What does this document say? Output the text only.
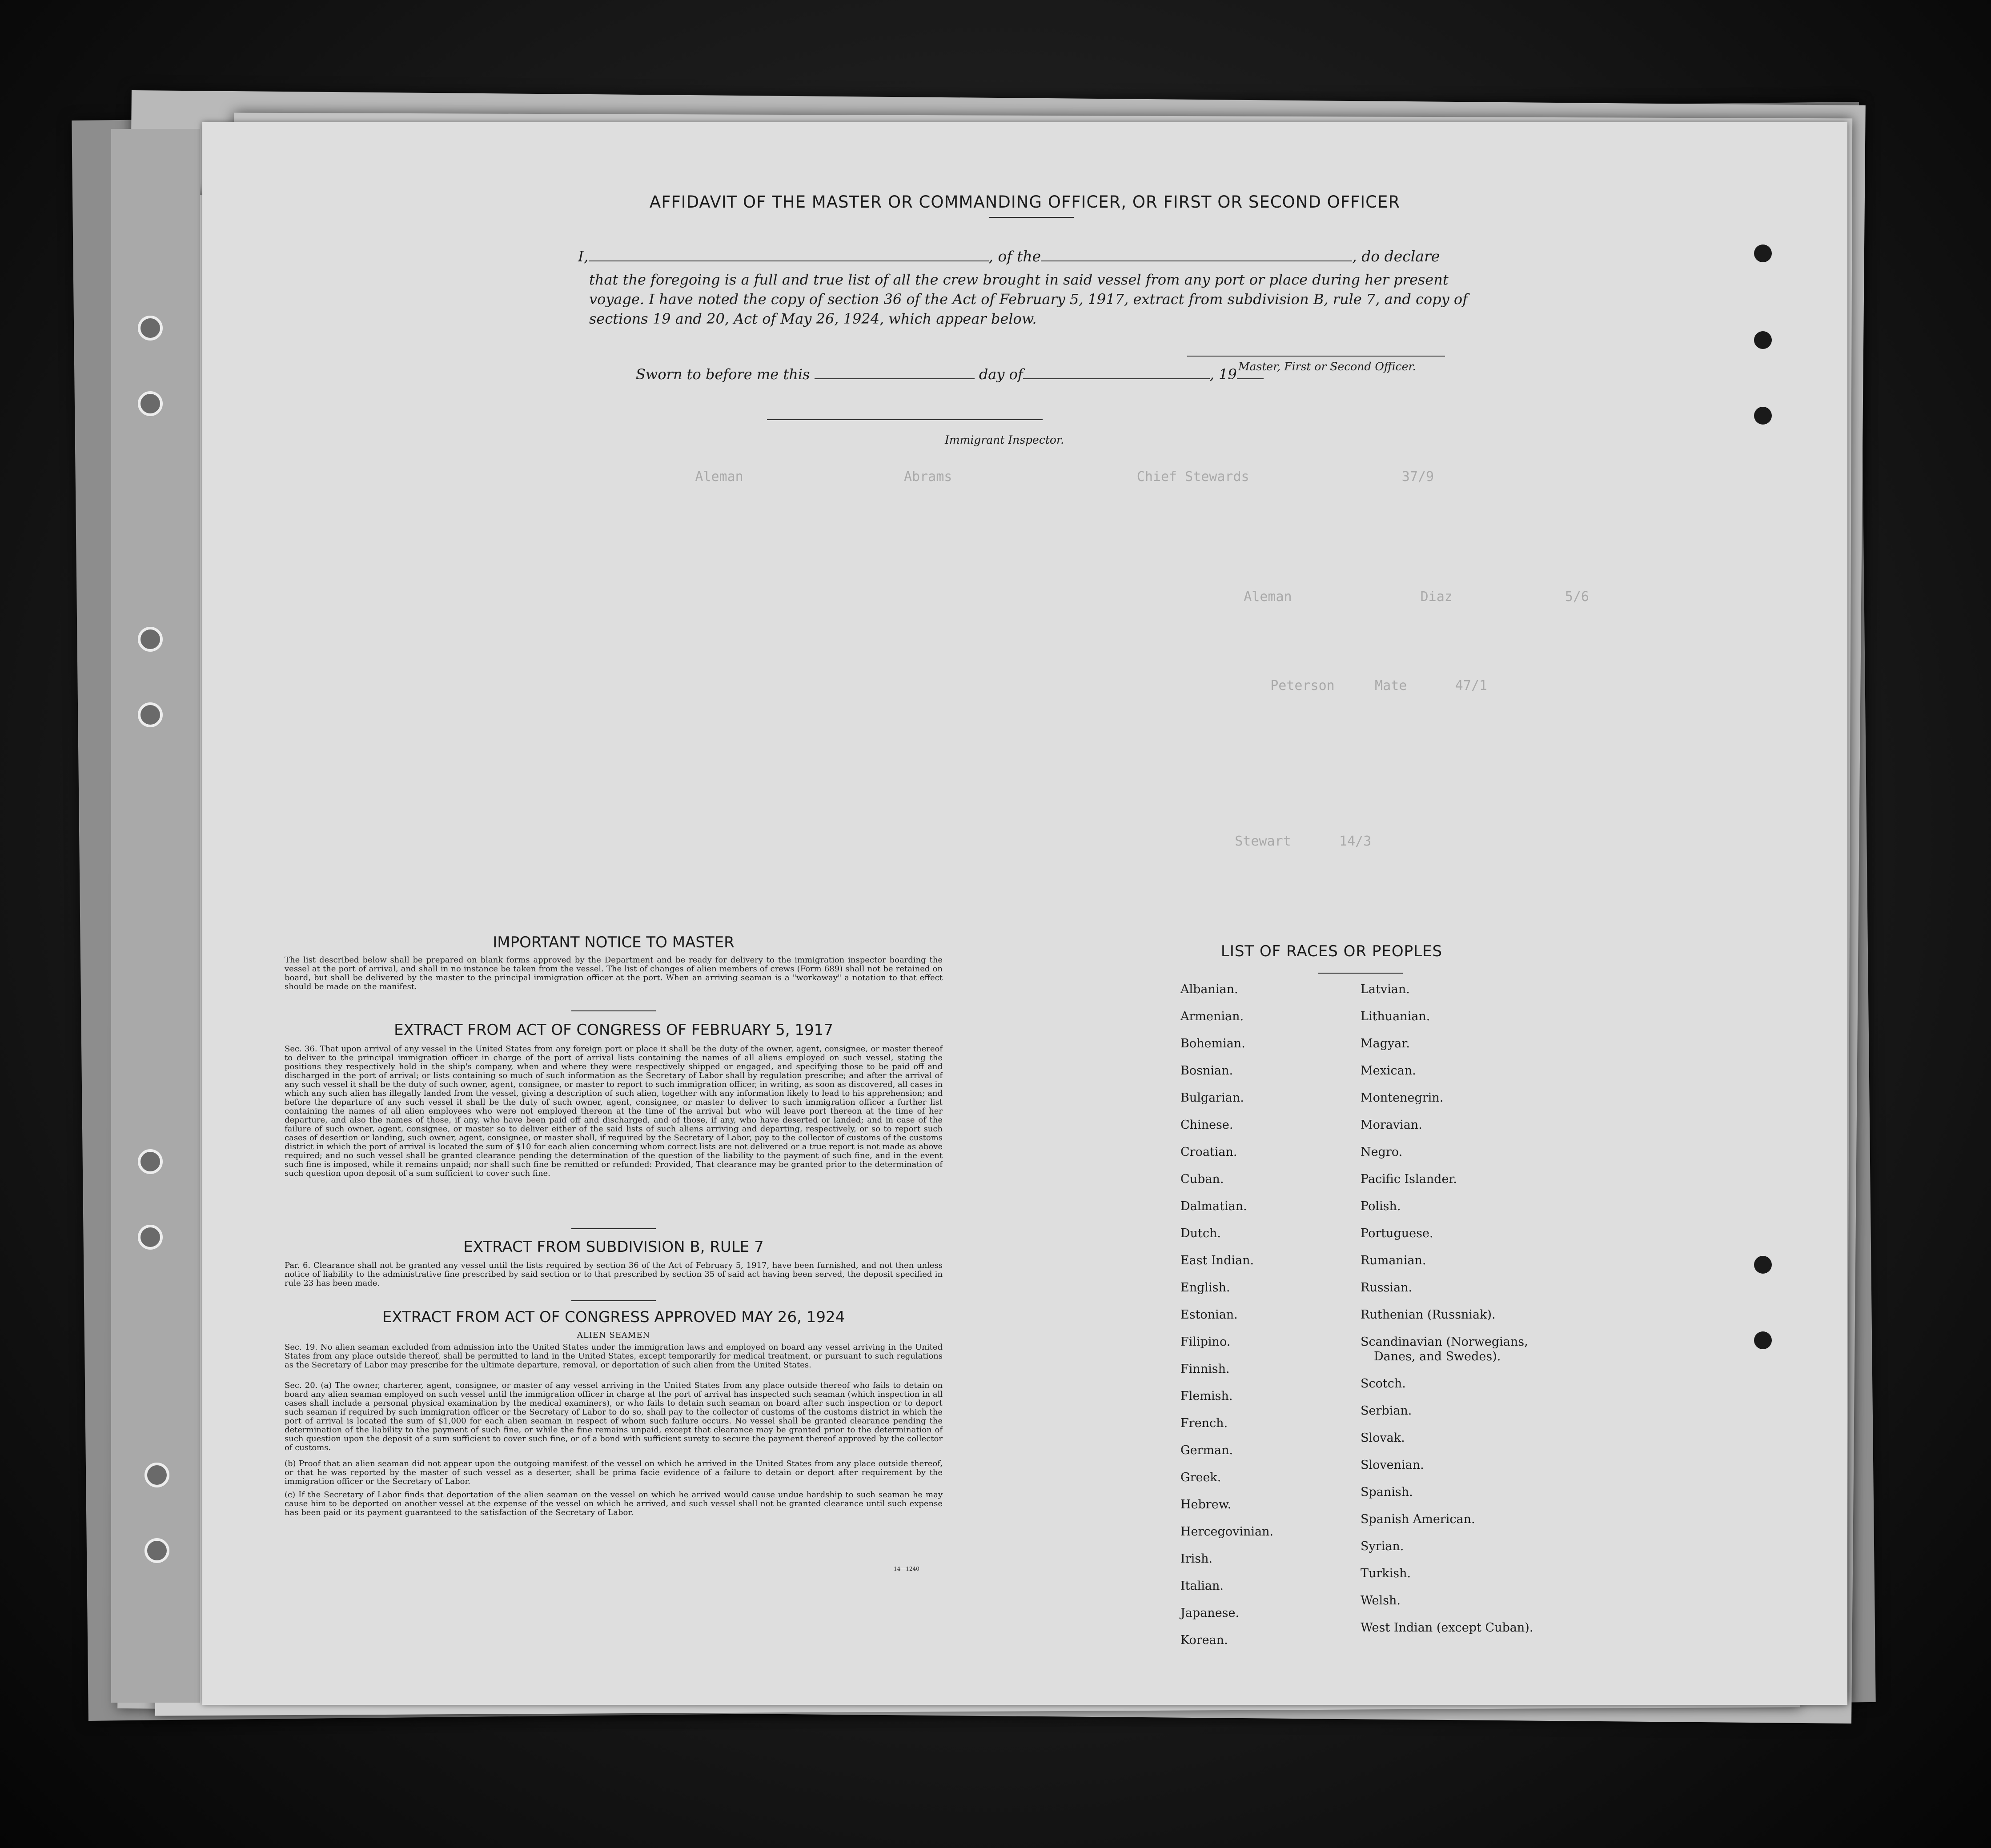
Aleman                    Abrams                       Chief Stewards                   37/9
Aleman                Diaz              5/6
Peterson     Mate      47/1
Stewart      14/3
AFFIDAVIT OF THE MASTER OR COMMANDING OFFICER, OR FIRST OR SECOND OFFICER
I,	, of the	, do declare
that the foregoing is a full and true list of all the crew brought in said vessel from any port or place during her present voyage. I have noted the copy of section 36 of the Act of February 5, 1917, extract from subdivision B, rule 7, and copy of sections 19 and 20, Act of May 26, 1924, which appear below.
Master, First or Second Officer.
Sworn to before me this	day of	, 19
Immigrant Inspector.
IMPORTANT NOTICE TO MASTER
The list described below shall be prepared on blank forms approved by the Department and be ready for delivery to the immigration inspector boarding the vessel at the port of arrival, and shall in no instance be taken from the vessel. The list of changes of alien members of crews (Form 689) shall not be retained on board, but shall be delivered by the master to the principal immigration officer at the port. When an arriving seaman is a "workaway" a notation to that effect should be made on the manifest.
EXTRACT FROM ACT OF CONGRESS OF FEBRUARY 5, 1917
Sec. 36. That upon arrival of any vessel in the United States from any foreign port or place it shall be the duty of the owner, agent, consignee, or master thereof to deliver to the principal immigration officer in charge of the port of arrival lists containing the names of all aliens employed on such vessel, stating the positions they respectively hold in the ship's company, when and where they were respectively shipped or engaged, and specifying those to be paid off and discharged in the port of arrival; or lists containing so much of such information as the Secretary of Labor shall by regulation prescribe; and after the arrival of any such vessel it shall be the duty of such owner, agent, consignee, or master to report to such immigration officer, in writing, as soon as discovered, all cases in which any such alien has illegally landed from the vessel, giving a description of such alien, together with any information likely to lead to his apprehension; and before the departure of any such vessel it shall be the duty of such owner, agent, consignee, or master to deliver to such immigration officer a further list containing the names of all alien employees who were not employed thereon at the time of the arrival but who will leave port thereon at the time of her departure, and also the names of those, if any, who have been paid off and discharged, and of those, if any, who have deserted or landed; and in case of the failure of such owner, agent, consignee, or master so to deliver either of the said lists of such aliens arriving and departing, respectively, or so to report such cases of desertion or landing, such owner, agent, consignee, or master shall, if required by the Secretary of Labor, pay to the collector of customs of the customs district in which the port of arrival is located the sum of $10 for each alien concerning whom correct lists are not delivered or a true report is not made as above required; and no such vessel shall be granted clearance pending the determination of the question of the liability to the payment of such fine, and in the event such fine is imposed, while it remains unpaid; nor shall such fine be remitted or refunded: Provided, That clearance may be granted prior to the determination of such question upon deposit of a sum sufficient to cover such fine.
EXTRACT FROM SUBDIVISION B, RULE 7
Par. 6. Clearance shall not be granted any vessel until the lists required by section 36 of the Act of February 5, 1917, have been furnished, and not then unless notice of liability to the administrative fine prescribed by said section or to that prescribed by section 35 of said act having been served, the deposit specified in rule 23 has been made.
EXTRACT FROM ACT OF CONGRESS APPROVED MAY 26, 1924
ALIEN SEAMEN
Sec. 19. No alien seaman excluded from admission into the United States under the immigration laws and employed on board any vessel arriving in the United States from any place outside thereof, shall be permitted to land in the United States, except temporarily for medical treatment, or pursuant to such regulations as the Secretary of Labor may prescribe for the ultimate departure, removal, or deportation of such alien from the United States.
Sec. 20. (a) The owner, charterer, agent, consignee, or master of any vessel arriving in the United States from any place outside thereof who fails to detain on board any alien seaman employed on such vessel until the immigration officer in charge at the port of arrival has inspected such seaman (which inspection in all cases shall include a personal physical examination by the medical examiners), or who fails to detain such seaman on board after such inspection or to deport such seaman if required by such immigration officer or the Secretary of Labor to do so, shall pay to the collector of customs of the customs district in which the port of arrival is located the sum of $1,000 for each alien seaman in respect of whom such failure occurs. No vessel shall be granted clearance pending the determination of the liability to the payment of such fine, or while the fine remains unpaid, except that clearance may be granted prior to the determination of such question upon the deposit of a sum sufficient to cover such fine, or of a bond with sufficient surety to secure the payment thereof approved by the collector of customs.
(b) Proof that an alien seaman did not appear upon the outgoing manifest of the vessel on which he arrived in the United States from any place outside thereof, or that he was reported by the master of such vessel as a deserter, shall be prima facie evidence of a failure to detain or deport after requirement by the immigration officer or the Secretary of Labor.
(c) If the Secretary of Labor finds that deportation of the alien seaman on the vessel on which he arrived would cause undue hardship to such seaman he may cause him to be deported on another vessel at the expense of the vessel on which he arrived, and such vessel shall not be granted clearance until such expense has been paid or its payment guaranteed to the satisfaction of the Secretary of Labor.
14—1240
LIST OF RACES OR PEOPLES
Albanian.
Armenian.
Bohemian.
Bosnian.
Bulgarian.
Chinese.
Croatian.
Cuban.
Dalmatian.
Dutch.
East Indian.
English.
Estonian.
Filipino.
Finnish.
Flemish.
French.
German.
Greek.
Hebrew.
Hercegovinian.
Irish.
Italian.
Japanese.
Korean.
Latvian.
Lithuanian.
Magyar.
Mexican.
Montenegrin.
Moravian.
Negro.
Pacific Islander.
Polish.
Portuguese.
Rumanian.
Russian.
Ruthenian (Russniak).
Scandinavian (Norwegians,
Danes, and Swedes).
Scotch.
Serbian.
Slovak.
Slovenian.
Spanish.
Spanish American.
Syrian.
Turkish.
Welsh.
West Indian (except Cuban).
